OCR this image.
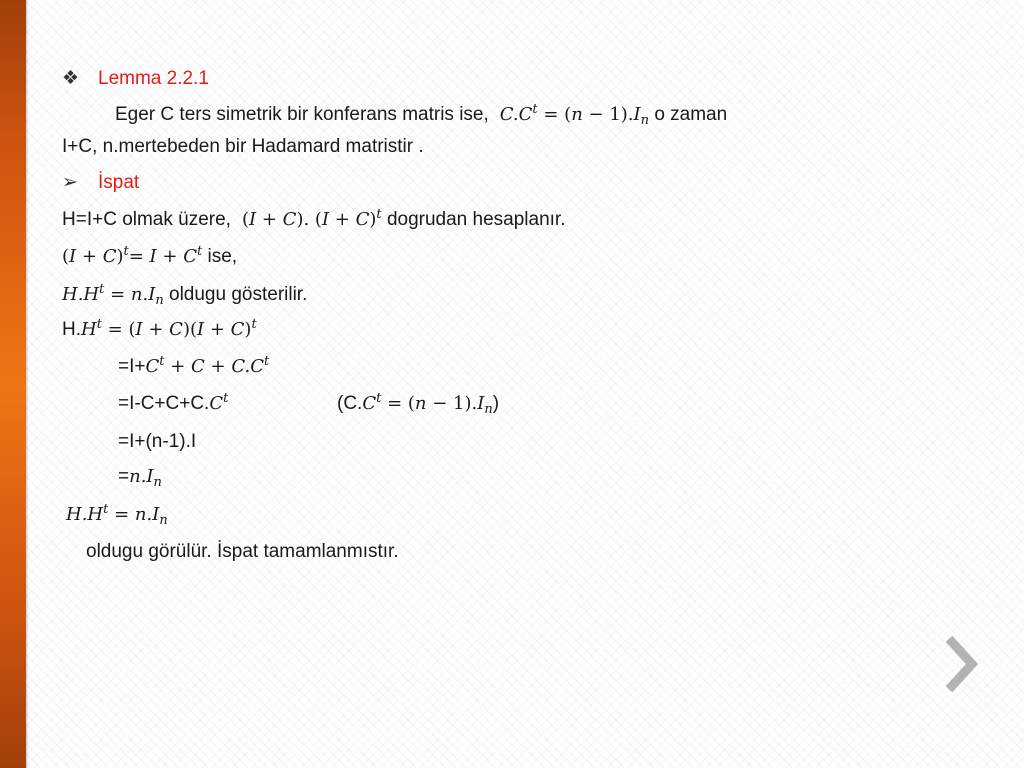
❖ Lemma 2.2.1
Eger C ters simetrik bir konferans matris ise,  $C.C^t = (n - 1).I_n$ o zaman
I+C, n.mertebeden bir Hadamard matristir .
➢ İspat
H=I+C olmak üzere, (I + C). $(I + C)^t$ dogrudan hesaplanır.
$(I + C)^t= I + C^t$ ise,
$H.H^t = n.I_n$ oldugu gösterilir.
$H.H^t = (I + C)(I + C)^t$
$=I+C^t + C + C.C^t$
$=I-C+C+C.C^t$	$(C.C^t = (n - 1).I_n)$
=I+(n-1).I
$=n.I_n$
$H.H^t = n.I_n$
oldugu görülür. İspat tamamlanmıstır.
